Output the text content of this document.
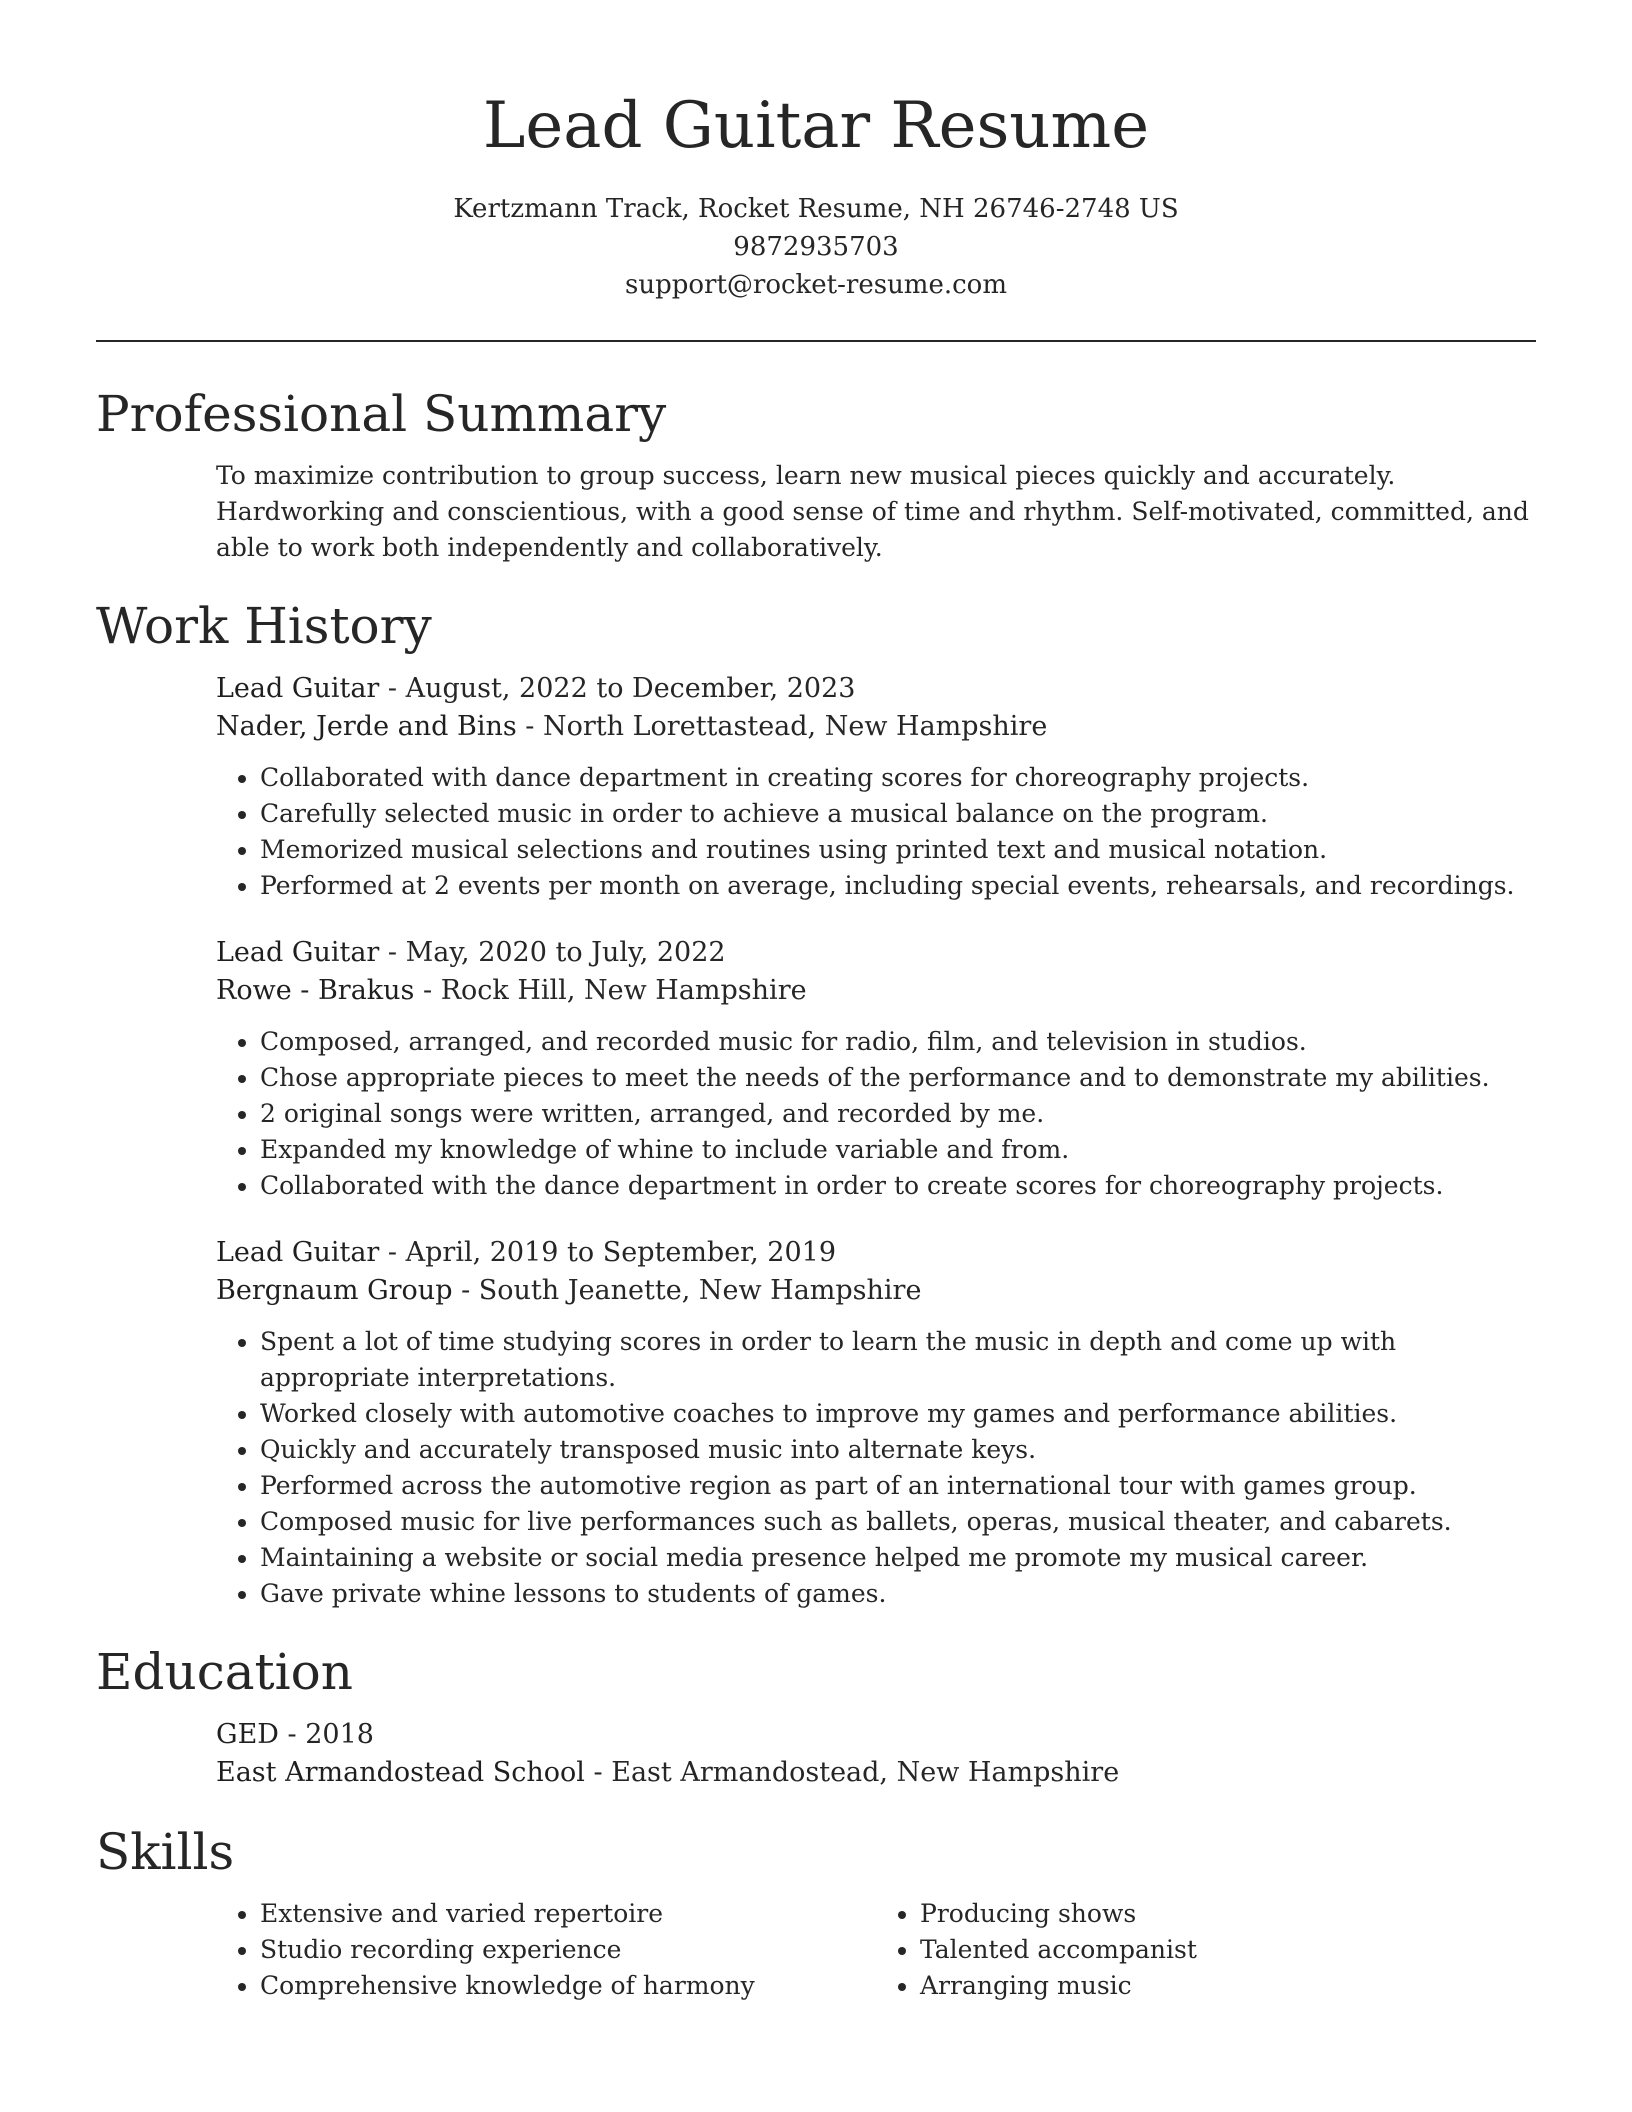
Lead Guitar Resume
Kertzmann Track, Rocket Resume, NH 26746-2748 US
9872935703
support@rocket-resume.com
Professional Summary

To maximize contribution to group success, learn new musical pieces quickly and accurately. Hardworking and conscientious, with a good sense of time and rhythm. Self-motivated, committed, and able to work both independently and collaboratively.

Work History
Lead Guitar - August, 2022 to December, 2023
Nader, Jerde and Bins - North Lorettastead, New Hampshire
• Collaborated with dance department in creating scores for choreography projects.
• Carefully selected music in order to achieve a musical balance on the program.
• Memorized musical selections and routines using printed text and musical notation.
• Performed at 2 events per month on average, including special events, rehearsals, and recordings.
Lead Guitar - May, 2020 to July, 2022
Rowe - Brakus - Rock Hill, New Hampshire
• Composed, arranged, and recorded music for radio, film, and television in studios.
• Chose appropriate pieces to meet the needs of the performance and to demonstrate my abilities.
• 2 original songs were written, arranged, and recorded by me.
• Expanded my knowledge of whine to include variable and from.
• Collaborated with the dance department in order to create scores for choreography projects.
Lead Guitar - April, 2019 to September, 2019
Bergnaum Group - South Jeanette, New Hampshire
• Spent a lot of time studying scores in order to learn the music in depth and come up with appropriate interpretations.
• Worked closely with automotive coaches to improve my games and performance abilities.
• Quickly and accurately transposed music into alternate keys.
• Performed across the automotive region as part of an international tour with games group.
• Composed music for live performances such as ballets, operas, musical theater, and cabarets.
• Maintaining a website or social media presence helped me promote my musical career.
• Gave private whine lessons to students of games.
Education
GED - 2018
East Armandostead School - East Armandostead, New Hampshire
Skills
• Extensive and varied repertoire
• Studio recording experience
• Comprehensive knowledge of harmony
• Producing shows
• Talented accompanist
• Arranging music
